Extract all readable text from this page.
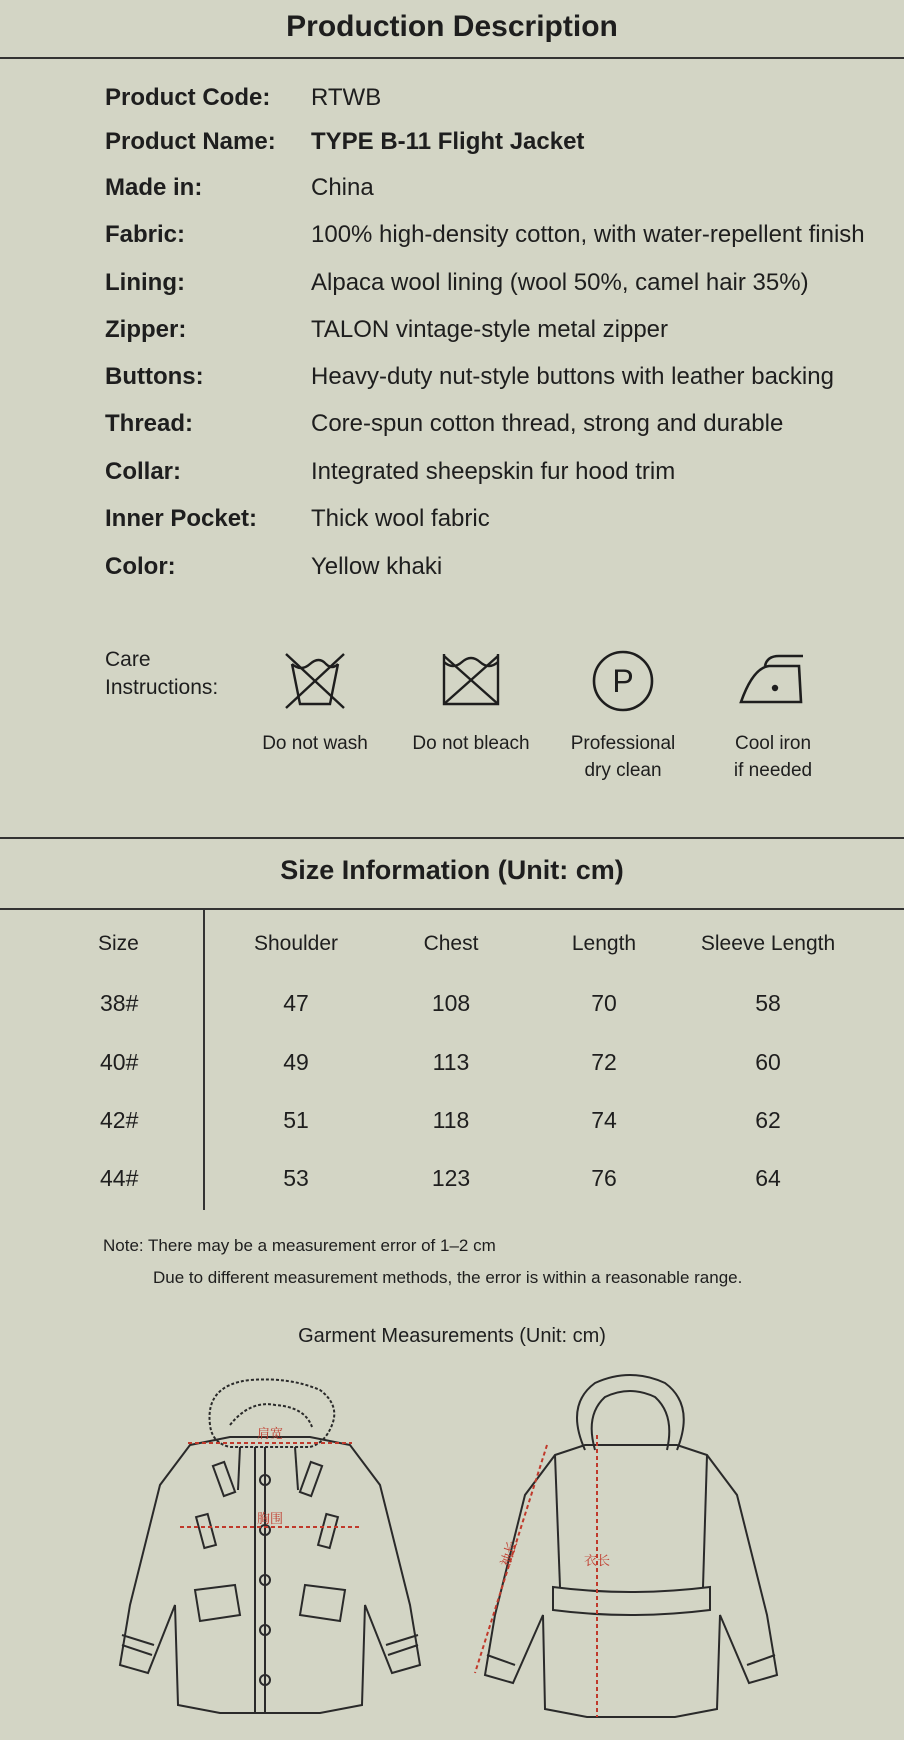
Production Description
Product Code: RTWB
Product Name: TYPE B-11 Flight Jacket
Made in:	China
Fabric:	100% high-density cotton, with water-repellent finish
Lining:	Alpaca wool lining (wool 50%, camel hair 35%)
Zipper:	TALON vintage-style metal zipper
Buttons:	Heavy-duty nut-style buttons with leather backing
Thread:	Core-spun cotton thread, strong and durable
Collar:	Integrated sheepskin fur hood trim
Inner Pocket: Thick wool fabric
Color:	Yellow khaki
Care
Instructions:
Do not wash	Do not bleach
P
Professional
dry clean
Cool iron
if needed
Size Information (Unit: cm)
Size	Shoulder	Chest	Length	Sleeve Length
38#	47	108	70	58
40#	49	113	72	60
42#	51	118	74	62
44#	53	123	76	64
Note: There may be a measurement error of 1–2 cm
Due to different measurement methods, the error is within a reasonable range.
Garment Measurements (Unit: cm)
肩宽
胸围
袖长	衣长
